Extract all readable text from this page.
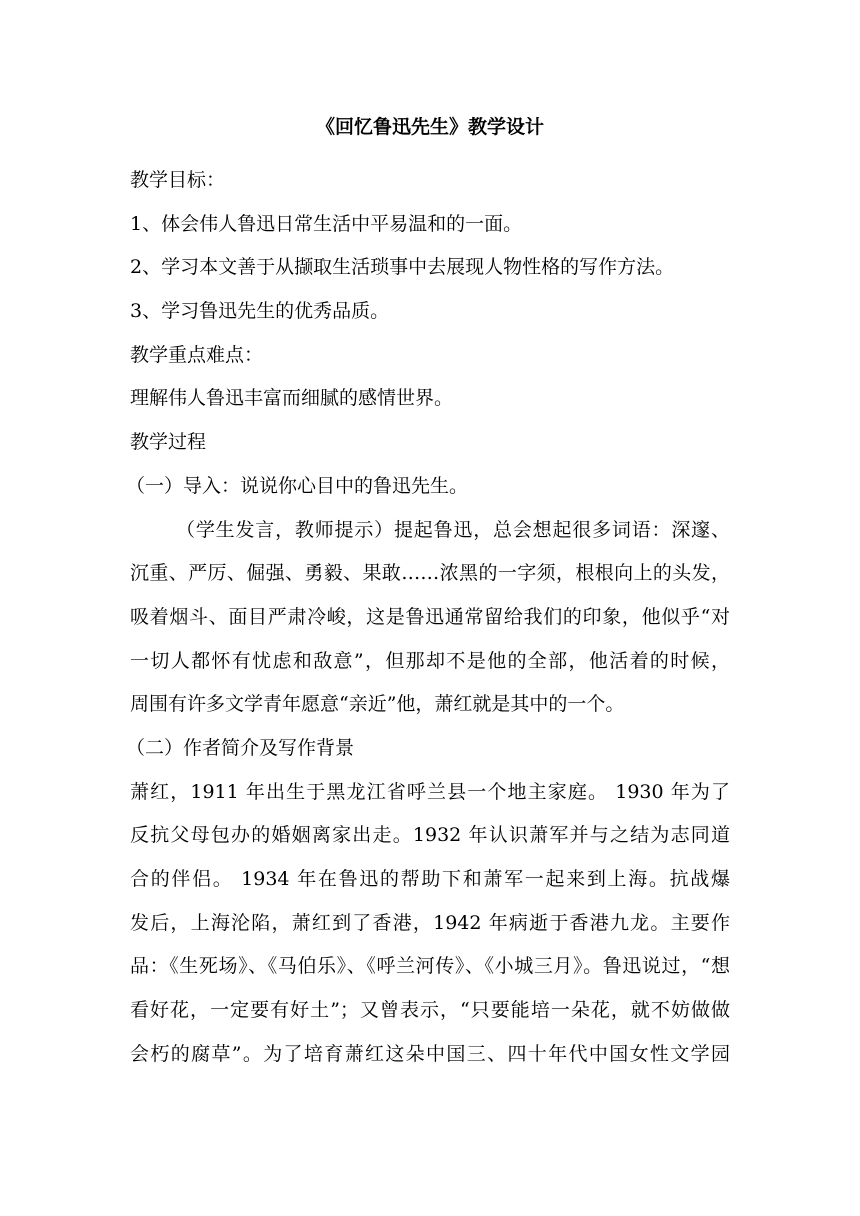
《回忆鲁迅先生》教学设计
教学目标：
1、体会伟人鲁迅日常生活中平易温和的一面。
2、学习本文善于从撷取生活琐事中去展现人物性格的写作方法。
3、学习鲁迅先生的优秀品质。
教学重点难点：
理解伟人鲁迅丰富而细腻的感情世界。
教学过程
（一）导入：说说你心目中的鲁迅先生。
（学生发言，教师提示）提起鲁迅，总会想起很多词语：深邃、
沉重、严厉、倔强、勇毅、果敢……浓黑的一字须，根根向上的头发，
吸着烟斗、面目严肃冷峻，这是鲁迅通常留给我们的印象，他似乎“对
一切人都怀有忧虑和敌意”，但那却不是他的全部，他活着的时候，
周围有许多文学青年愿意“亲近”他，萧红就是其中的一个。
（二）作者简介及写作背景
萧红，1911 年出生于黑龙江省呼兰县一个地主家庭。 1930 年为了
反抗父母包办的婚姻离家出走。1932 年认识萧军并与之结为志同道
合的伴侣。 1934 年在鲁迅的帮助下和萧军一起来到上海。抗战爆
发后，上海沦陷，萧红到了香港，1942 年病逝于香港九龙。主要作
品：《生死场》、《马伯乐》、《呼兰河传》、《小城三月》。鲁迅说过，“想
看好花，一定要有好土”；又曾表示，“只要能培一朵花，就不妨做做
会朽的腐草”。为了培育萧红这朵中国三、四十年代中国女性文学园
